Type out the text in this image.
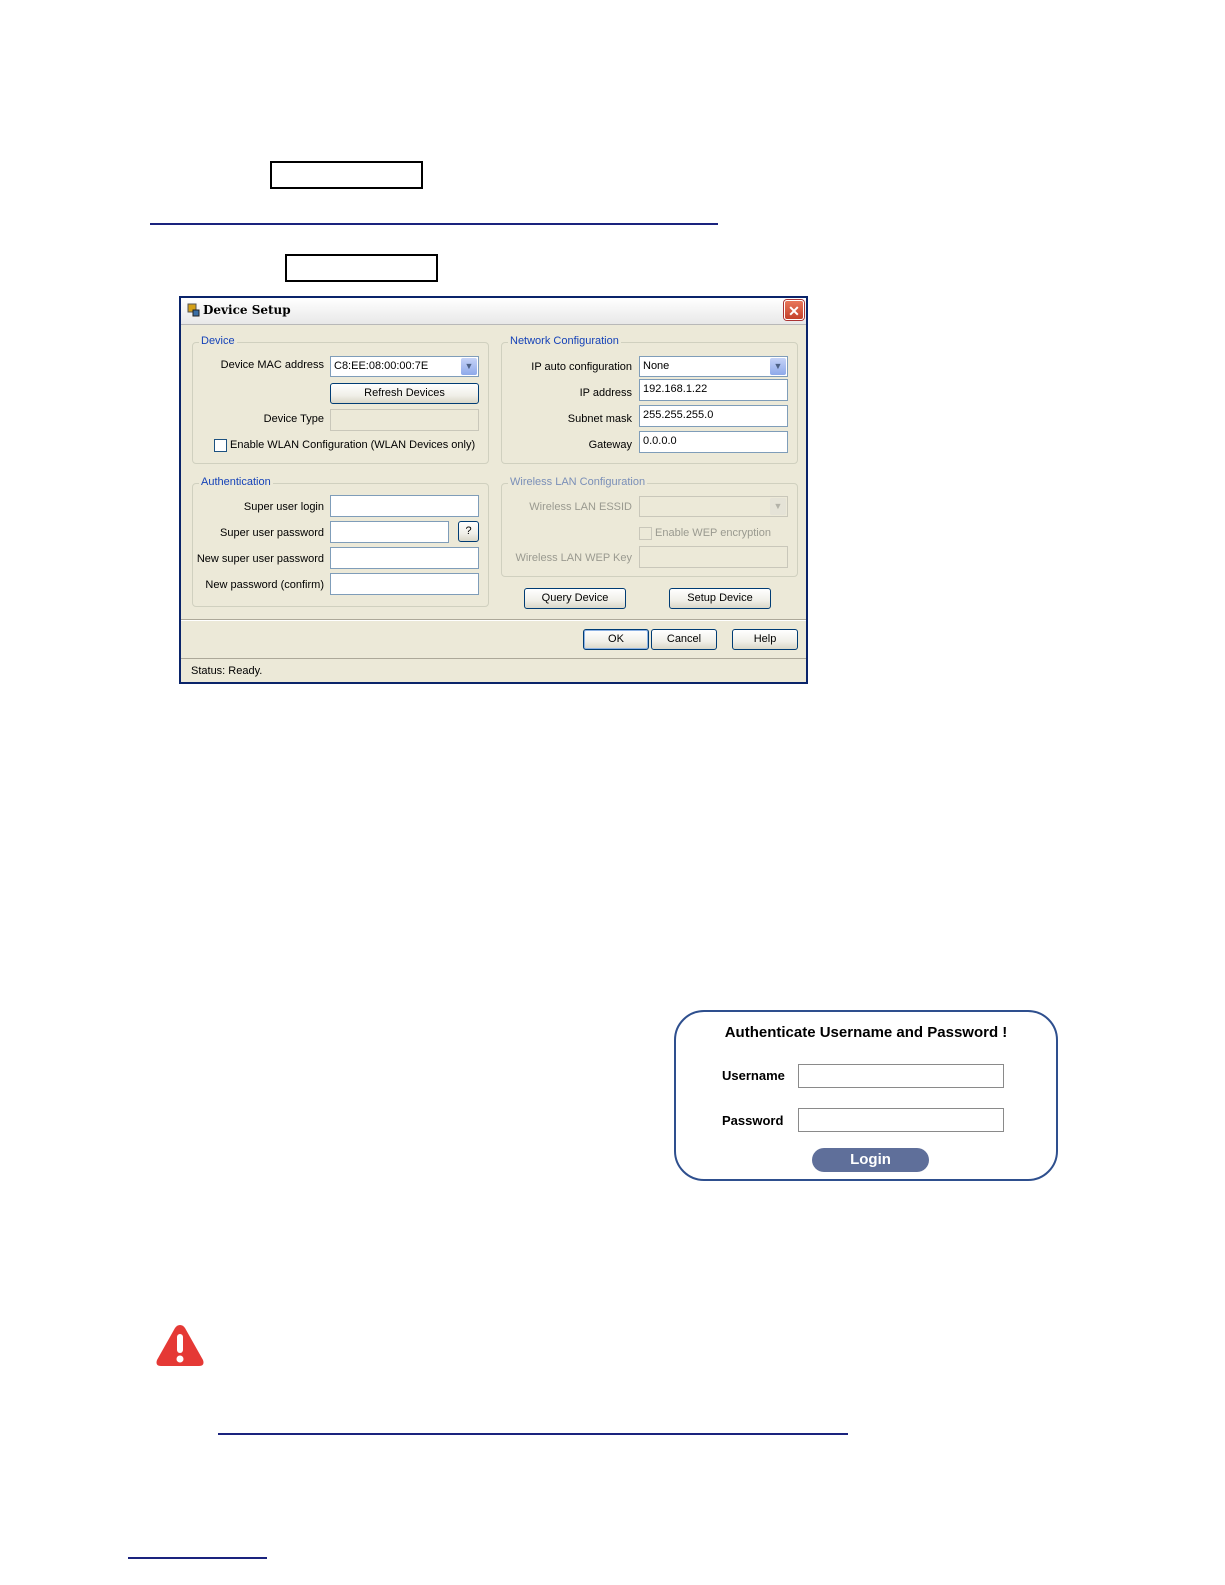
Device Setup	✕
Device
Device MAC address C8:EE:08:00:00:7E	▼
Refresh Devices
Device Type
Enable WLAN Configuration (WLAN Devices only)
Network Configuration
IP auto configuration None	▼
IP address	192.168.1.22
Subnet mask	255.255.255.0
Gateway	0.0.0.0
Authentication
Super user login
Super user password	?
New super user password
New password (confirm)
Wireless LAN Configuration
Wireless LAN ESSID	▼
Enable WEP encryption
Wireless LAN WEP Key
Query Device	Setup Device
OK	Cancel	Help
Status: Ready.
Authenticate Username and Password !
Username
Password
Login
